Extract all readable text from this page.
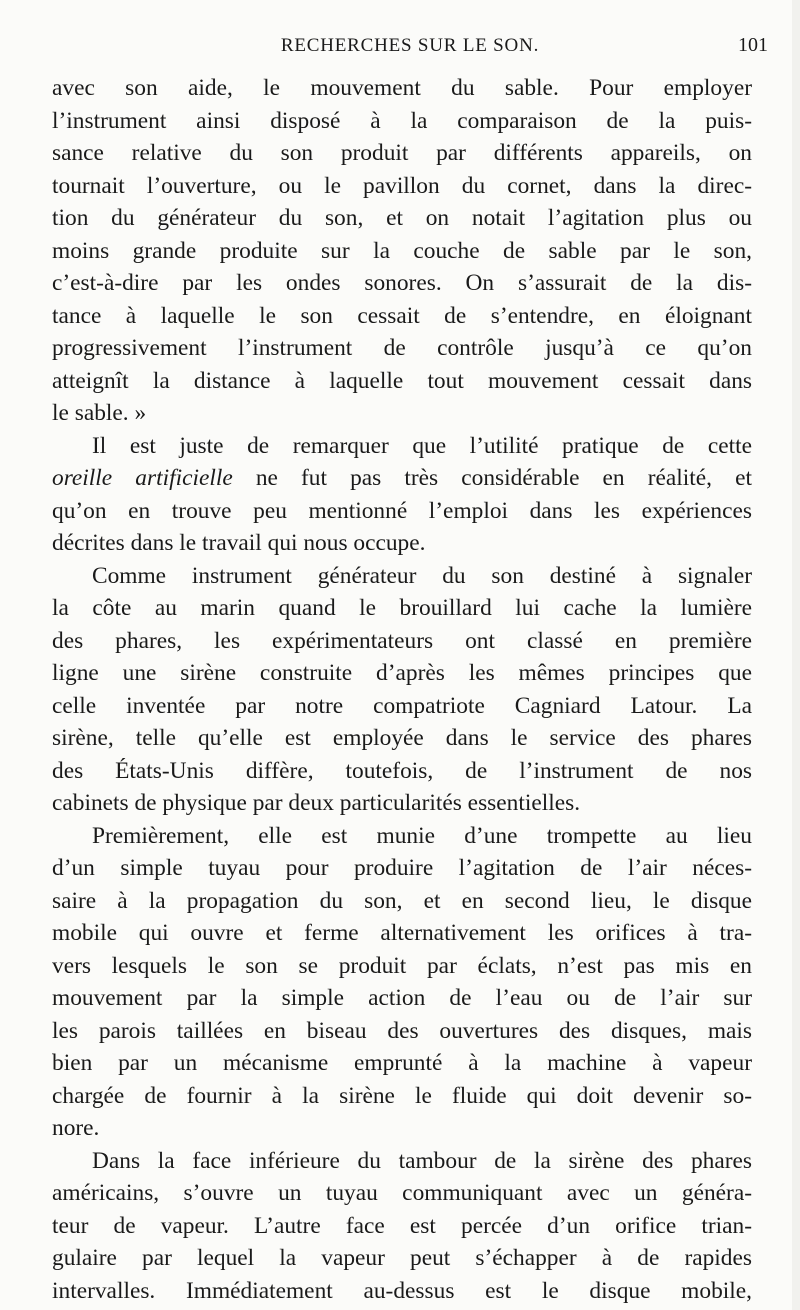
RECHERCHES SUR LE SON.	101
avec son aide, le mouvement du sable. Pour employer
l’instrument ainsi disposé à la comparaison de la puis-
sance relative du son produit par différents appareils, on
tournait l’ouverture, ou le pavillon du cornet, dans la direc-
tion du générateur du son, et on notait l’agitation plus ou
moins grande produite sur la couche de sable par le son,
c’est-à-dire par les ondes sonores. On s’assurait de la dis-
tance à laquelle le son cessait de s’entendre, en éloignant
progressivement l’instrument de contrôle jusqu’à ce qu’on
atteignît la distance à laquelle tout mouvement cessait dans
le sable. »
Il est juste de remarquer que l’utilité pratique de cette
oreille artificielle ne fut pas très considérable en réalité, et
qu’on en trouve peu mentionné l’emploi dans les expériences
décrites dans le travail qui nous occupe.
Comme instrument générateur du son destiné à signaler
la côte au marin quand le brouillard lui cache la lumière
des phares, les expérimentateurs ont classé en première
ligne une sirène construite d’après les mêmes principes que
celle inventée par notre compatriote Cagniard Latour. La
sirène, telle qu’elle est employée dans le service des phares
des États-Unis diffère, toutefois, de l’instrument de nos
cabinets de physique par deux particularités essentielles.
Premièrement, elle est munie d’une trompette au lieu
d’un simple tuyau pour produire l’agitation de l’air néces-
saire à la propagation du son, et en second lieu, le disque
mobile qui ouvre et ferme alternativement les orifices à tra-
vers lesquels le son se produit par éclats, n’est pas mis en
mouvement par la simple action de l’eau ou de l’air sur
les parois taillées en biseau des ouvertures des disques, mais
bien par un mécanisme emprunté à la machine à vapeur
chargée de fournir à la sirène le fluide qui doit devenir so-
nore.
Dans la face inférieure du tambour de la sirène des phares
américains, s’ouvre un tuyau communiquant avec un généra-
teur de vapeur. L’autre face est percée d’un orifice trian-
gulaire par lequel la vapeur peut s’échapper à de rapides
intervalles. Immédiatement au-dessus est le disque mobile,
